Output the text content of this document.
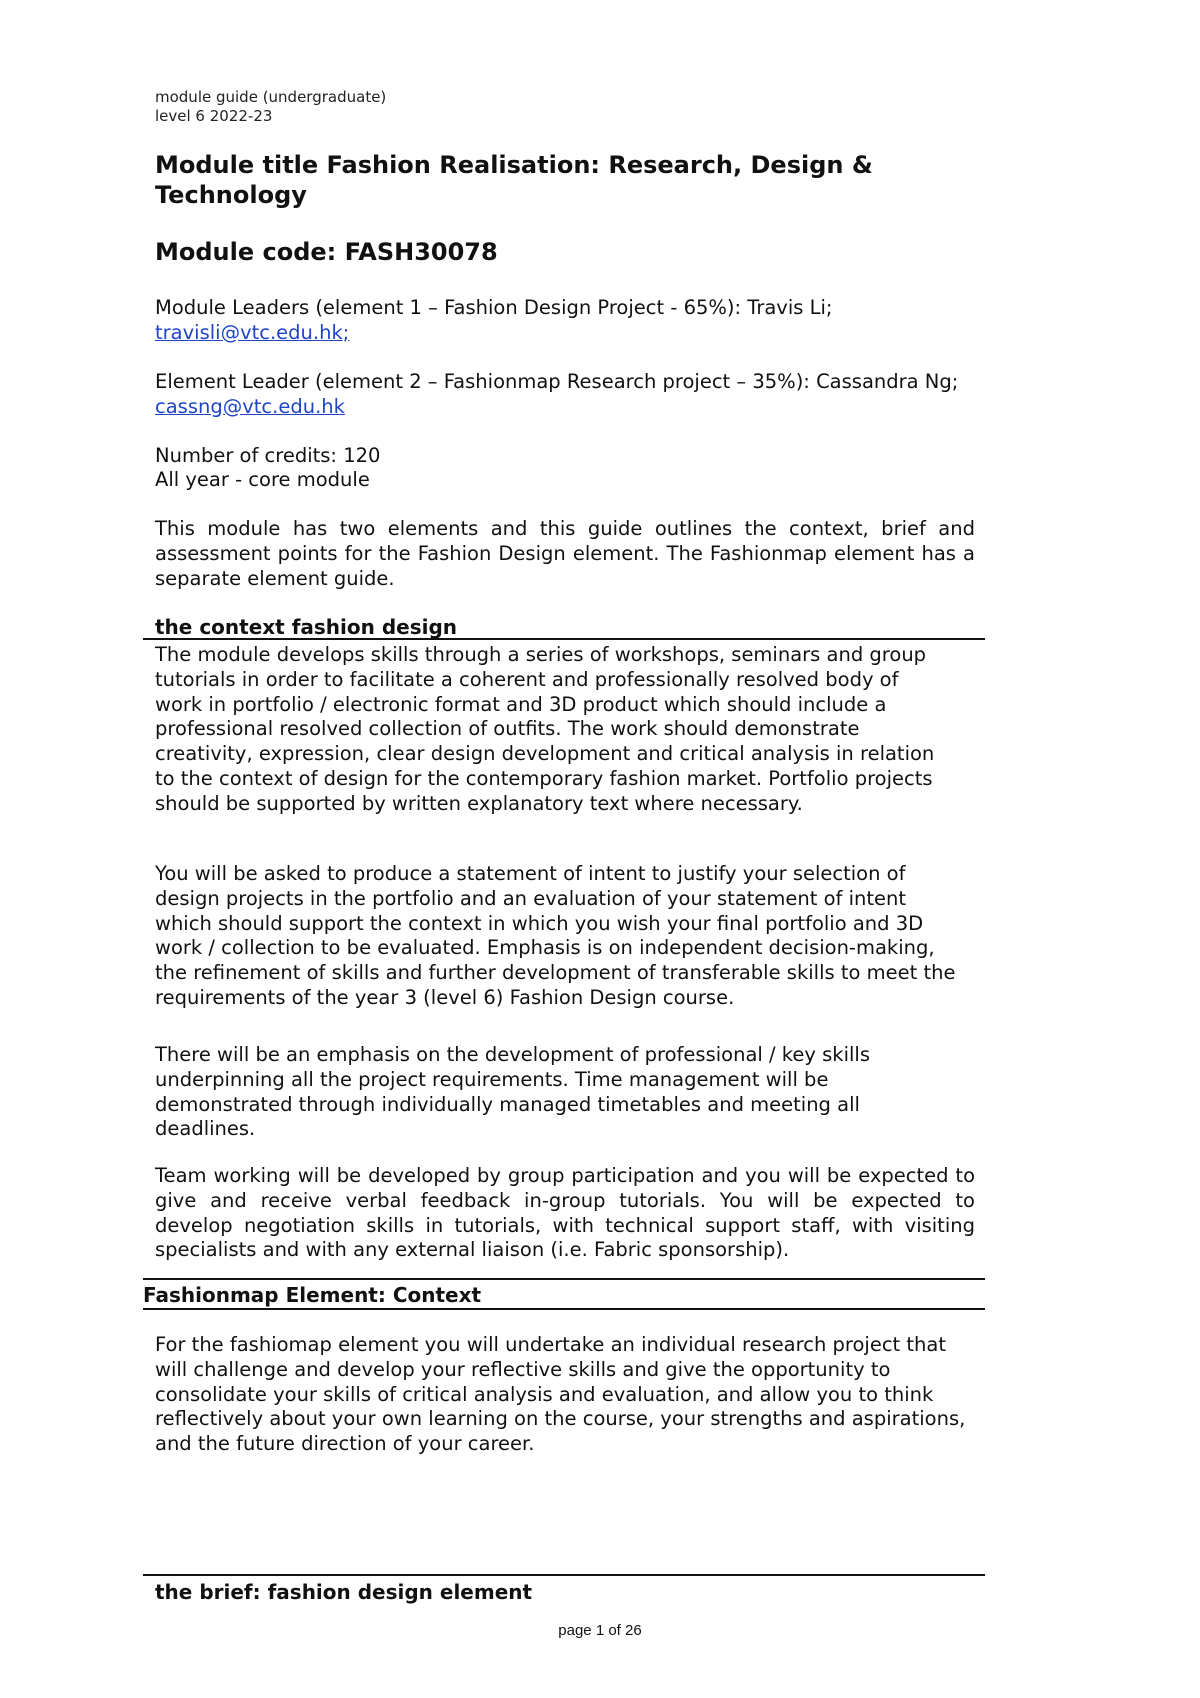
module guide (undergraduate)
level 6 2022-23
Module title Fashion Realisation: Research, Design & Technology
Module code: FASH30078
Module Leaders (element 1 – Fashion Design Project - 65%): Travis Li;
travisli@vtc.edu.hk;
Element Leader (element 2 – Fashionmap Research project – 35%): Cassandra Ng; cassng@vtc.edu.hk
Number of credits: 120
All year - core module
This module has two elements and this guide outlines the context, brief and assessment points for the Fashion Design element. The Fashionmap element has a separate element guide.
the context fashion design
The module develops skills through a series of workshops, seminars and group tutorials in order to facilitate a coherent and professionally resolved body of work in portfolio / electronic format and 3D product which should include a professional resolved collection of outfits. The work should demonstrate creativity, expression, clear design development and critical analysis in relation to the context of design for the contemporary fashion market. Portfolio projects should be supported by written explanatory text where necessary.
You will be asked to produce a statement of intent to justify your selection of design projects in the portfolio and an evaluation of your statement of intent which should support the context in which you wish your final portfolio and 3D work / collection to be evaluated. Emphasis is on independent decision-making, the refinement of skills and further development of transferable skills to meet the requirements of the year 3 (level 6) Fashion Design course.
There will be an emphasis on the development of professional / key skills underpinning all the project requirements. Time management will be demonstrated through individually managed timetables and meeting all deadlines.
Team working will be developed by group participation and you will be expected to give and receive verbal feedback in-group tutorials. You will be expected to develop negotiation skills in tutorials, with technical support staff, with visiting specialists and with any external liaison (i.e. Fabric sponsorship).
Fashionmap Element: Context
For the fashiomap element you will undertake an individual research project that will challenge and develop your reflective skills and give the opportunity to consolidate your skills of critical analysis and evaluation, and allow you to think reflectively about your own learning on the course, your strengths and aspirations, and the future direction of your career.
the brief: fashion design element
page 1 of 26
